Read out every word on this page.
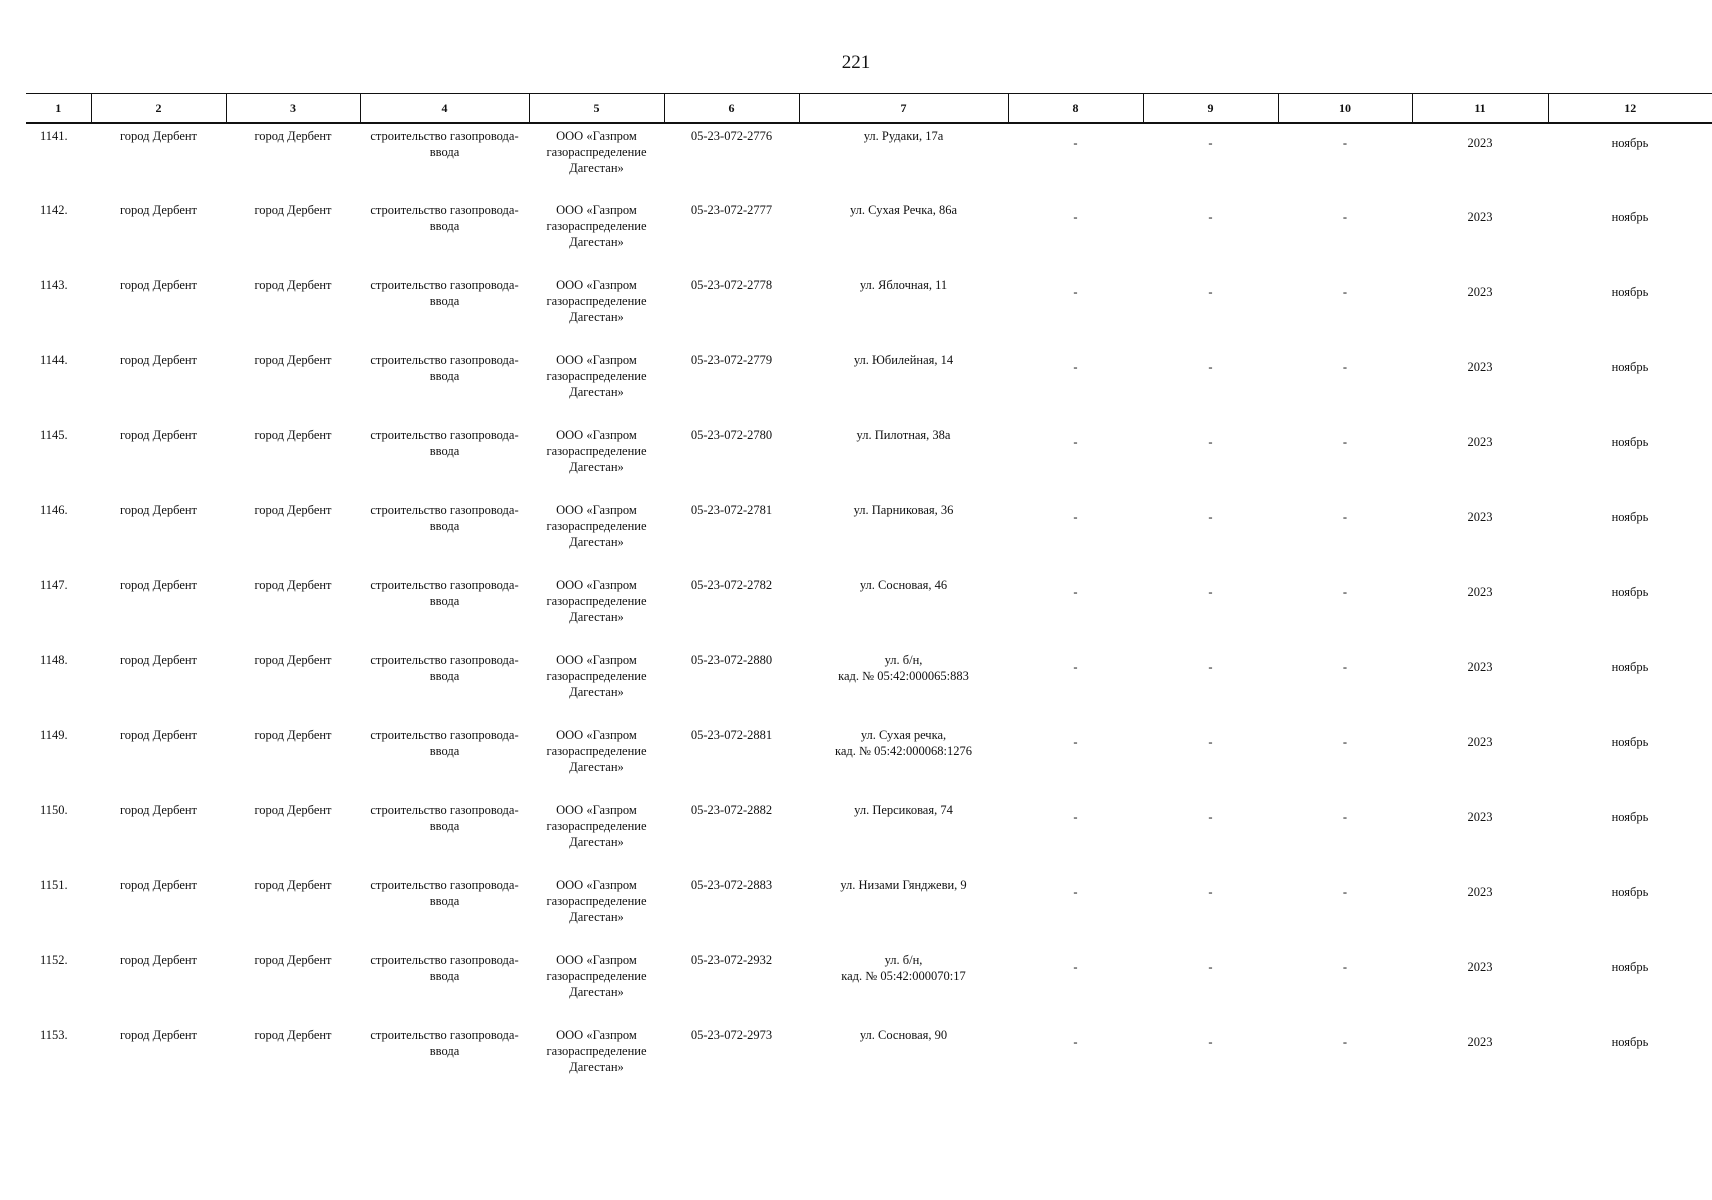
221
1	2	3	4	5	6	7	8	9	10	11	12
1141.	город Дербент	город Дербент	строительство газопровода-
ввода	ООО «Газпром
газораспределение
Дагестан»	05-23-072-2776	ул. Рудаки, 17а	-	-	-	2023	ноябрь
1142.	город Дербент	город Дербент	строительство газопровода-
ввода	ООО «Газпром
газораспределение
Дагестан»	05-23-072-2777	ул. Сухая Речка, 86а	-	-	-	2023	ноябрь
1143.	город Дербент	город Дербент	строительство газопровода-
ввода	ООО «Газпром
газораспределение
Дагестан»	05-23-072-2778	ул. Яблочная, 11	-	-	-	2023	ноябрь
1144.	город Дербент	город Дербент	строительство газопровода-
ввода	ООО «Газпром
газораспределение
Дагестан»	05-23-072-2779	ул. Юбилейная, 14	-	-	-	2023	ноябрь
1145.	город Дербент	город Дербент	строительство газопровода-
ввода	ООО «Газпром
газораспределение
Дагестан»	05-23-072-2780	ул. Пилотная, 38а	-	-	-	2023	ноябрь
1146.	город Дербент	город Дербент	строительство газопровода-
ввода	ООО «Газпром
газораспределение
Дагестан»	05-23-072-2781	ул. Парниковая, 36	-	-	-	2023	ноябрь
1147.	город Дербент	город Дербент	строительство газопровода-
ввода	ООО «Газпром
газораспределение
Дагестан»	05-23-072-2782	ул. Сосновая, 46	-	-	-	2023	ноябрь
1148.	город Дербент	город Дербент	строительство газопровода-
ввода	ООО «Газпром
газораспределение
Дагестан»	05-23-072-2880	ул. б/н,
кад. № 05:42:000065:883	-	-	-	2023	ноябрь
1149.	город Дербент	город Дербент	строительство газопровода-
ввода	ООО «Газпром
газораспределение
Дагестан»	05-23-072-2881	ул. Сухая речка,
кад. № 05:42:000068:1276	-	-	-	2023	ноябрь
1150.	город Дербент	город Дербент	строительство газопровода-
ввода	ООО «Газпром
газораспределение
Дагестан»	05-23-072-2882	ул. Персиковая, 74	-	-	-	2023	ноябрь
1151.	город Дербент	город Дербент	строительство газопровода-
ввода	ООО «Газпром
газораспределение
Дагестан»	05-23-072-2883	ул. Низами Гянджеви, 9	-	-	-	2023	ноябрь
1152.	город Дербент	город Дербент	строительство газопровода-
ввода	ООО «Газпром
газораспределение
Дагестан»	05-23-072-2932	ул. б/н,
кад. № 05:42:000070:17	-	-	-	2023	ноябрь
1153.	город Дербент	город Дербент	строительство газопровода-
ввода	ООО «Газпром
газораспределение
Дагестан»	05-23-072-2973	ул. Сосновая, 90	-	-	-	2023	ноябрь
